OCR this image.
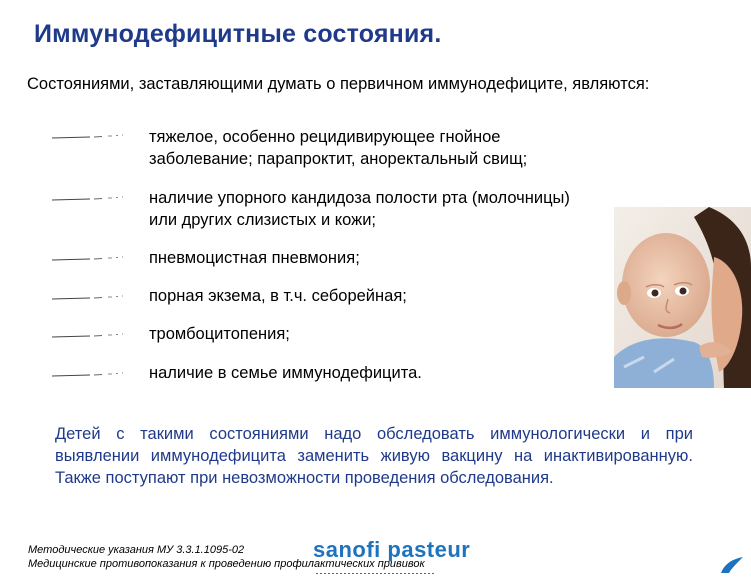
Иммунодефицитные состояния.
Состояниями, заставляющими думать о первичном иммунодефиците, являются:
тяжелое, особенно рецидивирующее гнойное
заболевание; парапроктит, аноректальный свищ;
наличие упорного кандидоза полости рта (молочницы)
или других слизистых и кожи;
пневмоцистная пневмония;
порная экзема, в т.ч. себорейная;
тромбоцитопения;
наличие в семье иммунодефицита.
Детей с такими состояниями надо обследовать иммунологически и при выявлении иммунодефицита заменить живую вакцину на инактивированную. Также поступают при невозможности проведения обследования.
Методические указания МУ 3.3.1.1095-02
Медицинские противопоказания к проведению профилактических прививок
sanofi pasteur
